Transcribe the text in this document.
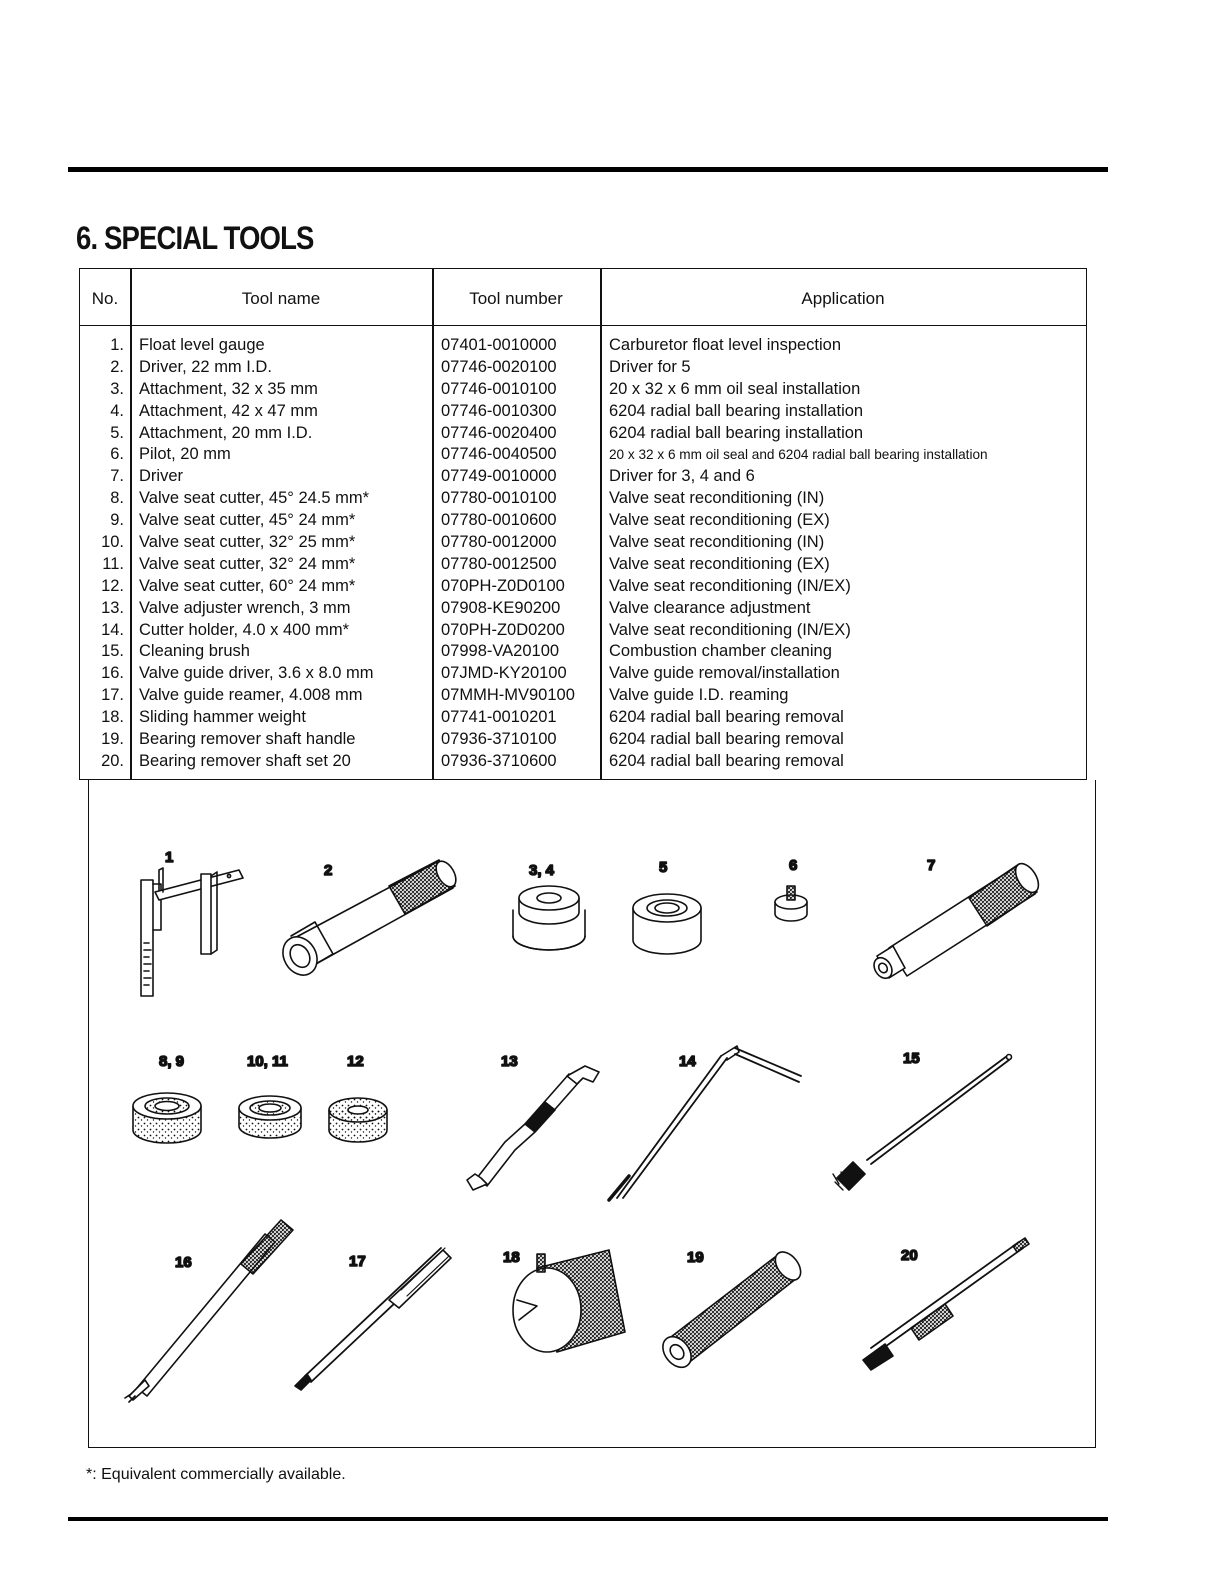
6. SPECIAL TOOLS
No.	Tool name	Tool number	Application
1. Float level gauge	07401-0010000	Carburetor float level inspection
2. Driver, 22 mm I.D.	07746-0020100	Driver for 5
3. Attachment, 32 x 35 mm	07746-0010100	20 x 32 x 6 mm oil seal installation
4. Attachment, 42 x 47 mm	07746-0010300	6204 radial ball bearing installation
5. Attachment, 20 mm I.D.	07746-0020400	6204 radial ball bearing installation
6. Pilot, 20 mm	07746-0040500	20 x 32 x 6 mm oil seal and 6204 radial ball bearing installation
7. Driver	07749-0010000	Driver for 3, 4 and 6
8. Valve seat cutter, 45° 24.5 mm*	07780-0010100	Valve seat reconditioning (IN)
9. Valve seat cutter, 45° 24 mm*	07780-0010600	Valve seat reconditioning (EX)
10. Valve seat cutter, 32° 25 mm*	07780-0012000	Valve seat reconditioning (IN)
11. Valve seat cutter, 32° 24 mm*	07780-0012500	Valve seat reconditioning (EX)
12. Valve seat cutter, 60° 24 mm*	070PH-Z0D0100	Valve seat reconditioning (IN/EX)
13. Valve adjuster wrench, 3 mm	07908-KE90200	Valve clearance adjustment
14. Cutter holder, 4.0 x 400 mm*	070PH-Z0D0200	Valve seat reconditioning (IN/EX)
15. Cleaning brush	07998-VA20100	Combustion chamber cleaning
16. Valve guide driver, 3.6 x 8.0 mm	07JMD-KY20100	Valve guide removal/installation
17. Valve guide reamer, 4.008 mm	07MMH-MV90100 Valve guide I.D. reaming
18. Sliding hammer weight	07741-0010201	6204 radial ball bearing removal
19. Bearing remover shaft handle	07936-3710100	6204 radial ball bearing removal
20. Bearing remover shaft set 20	07936-3710600	6204 radial ball bearing removal
1
2	3, 4	5	6	7
8, 9	10, 11	12	13	14	15
16	17	18	19	20
*: Equivalent commercially available.
